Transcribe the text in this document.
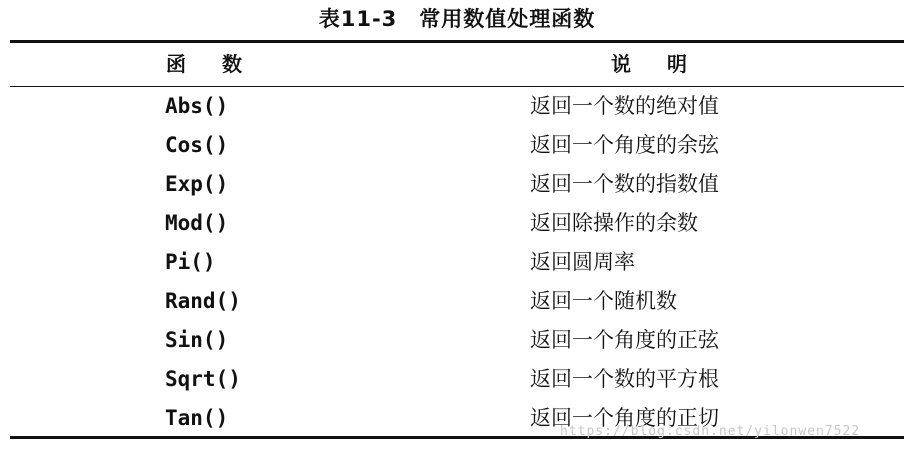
表11-3 常用数值处理函数
函数	说明
Abs()	返回一个数的绝对值
Cos()	返回一个角度的余弦
Exp()	返回一个数的指数值
Mod()	返回除操作的余数
Pi()	返回圆周率
Rand()	返回一个随机数
Sin()	返回一个角度的正弦
Sqrt()	返回一个数的平方根
Tan()	返回一个角度的正切
https://blog.csdn.net/yilonwen7522
